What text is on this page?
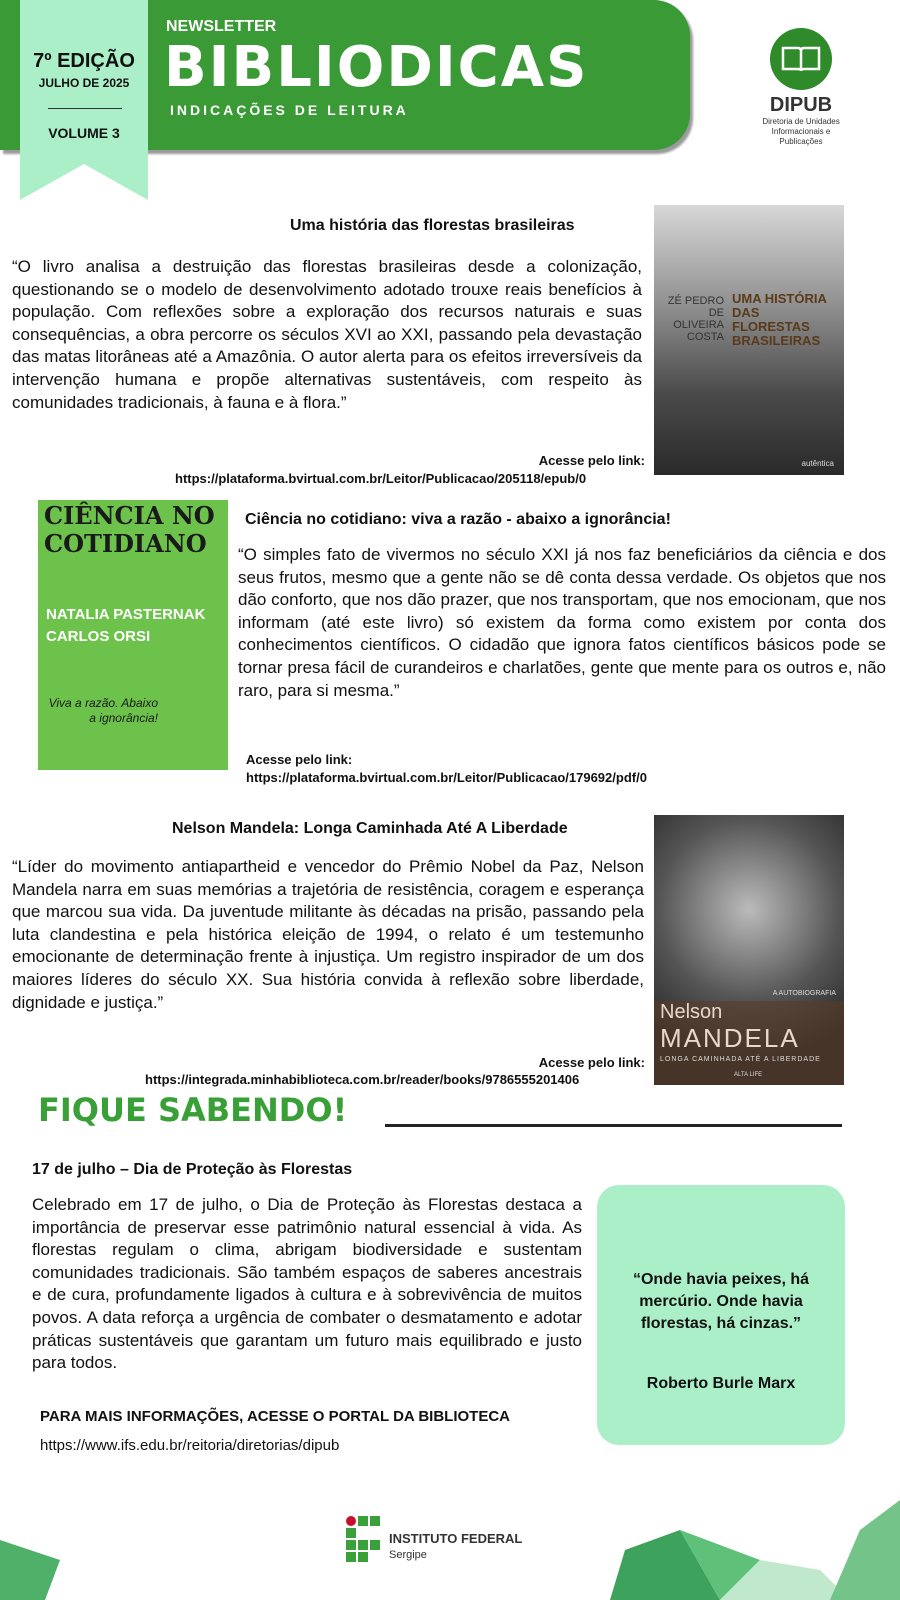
7º EDIÇÃO
JULHO DE 2025
VOLUME 3
NEWSLETTER
BIBLIODICAS
INDICAÇÕES DE LEITURA	DIPUB
Diretoria de Unidades Informacionais e Publicações
Uma história das florestas brasileiras
“O livro analisa a destruição das florestas brasileiras desde a colonização, questionando se o modelo de desenvolvimento adotado trouxe reais benefícios à população. Com reflexões sobre a exploração dos recursos naturais e suas consequências, a obra percorre os séculos XVI ao XXI, passando pela devastação das matas litorâneas até a Amazônia. O autor alerta para os efeitos irreversíveis da intervenção humana e propõe alternativas sustentáveis, com respeito às comunidades tradicionais, à fauna e à flora.”
Acesse pelo link:
https://plataforma.bvirtual.com.br/Leitor/Publicacao/205118/epub/0
ZÉ PEDRO DE OLIVEIRA COSTA
UMA HISTÓRIA DAS FLORESTAS BRASILEIRAS
autêntica
CIÊNCIA NO COTIDIANO
NATALIA PASTERNAK CARLOS ORSI
Viva a razão. Abaixo a ignorância!
Ciência no cotidiano: viva a razão - abaixo a ignorância!
“O simples fato de vivermos no século XXI já nos faz beneficiários da ciência e dos seus frutos, mesmo que a gente não se dê conta dessa verdade. Os objetos que nos dão conforto, que nos dão prazer, que nos transportam, que nos emocionam, que nos informam (até este livro) só existem da forma como existem por conta dos conhecimentos científicos. O cidadão que ignora fatos científicos básicos pode se tornar presa fácil de curandeiros e charlatões, gente que mente para os outros e, não raro, para si mesma.”
Acesse pelo link:
https://plataforma.bvirtual.com.br/Leitor/Publicacao/179692/pdf/0
Nelson Mandela: Longa Caminhada Até A Liberdade
“Líder do movimento antiapartheid e vencedor do Prêmio Nobel da Paz, Nelson Mandela narra em suas memórias a trajetória de resistência, coragem e esperança que marcou sua vida. Da juventude militante às décadas na prisão, passando pela luta clandestina e pela histórica eleição de 1994, o relato é um testemunho emocionante de determinação frente à injustiça. Um registro inspirador de um dos maiores líderes do século XX. Sua história convida à reflexão sobre liberdade, dignidade e justiça.”
Acesse pelo link:
https://integrada.minhabiblioteca.com.br/reader/books/9786555201406
A AUTOBIOGRAFIA
Nelson
MANDELA
LONGA CAMINHADA ATÉ A LIBERDADE
ALTA LIFE
FIQUE SABENDO!
17 de julho – Dia de Proteção às Florestas
Celebrado em 17 de julho, o Dia de Proteção às Florestas destaca a importância de preservar esse patrimônio natural essencial à vida. As florestas regulam o clima, abrigam biodiversidade e sustentam comunidades tradicionais. São também espaços de saberes ancestrais e de cura, profundamente ligados à cultura e à sobrevivência de muitos povos. A data reforça a urgência de combater o desmatamento e adotar práticas sustentáveis que garantam um futuro mais equilibrado e justo para todos.
“Onde havia peixes, há mercúrio. Onde havia florestas, há cinzas.”
Roberto Burle Marx
PARA MAIS INFORMAÇÕES, ACESSE O PORTAL DA BIBLIOTECA
https://www.ifs.edu.br/reitoria/diretorias/dipub
INSTITUTO FEDERAL
Sergipe
